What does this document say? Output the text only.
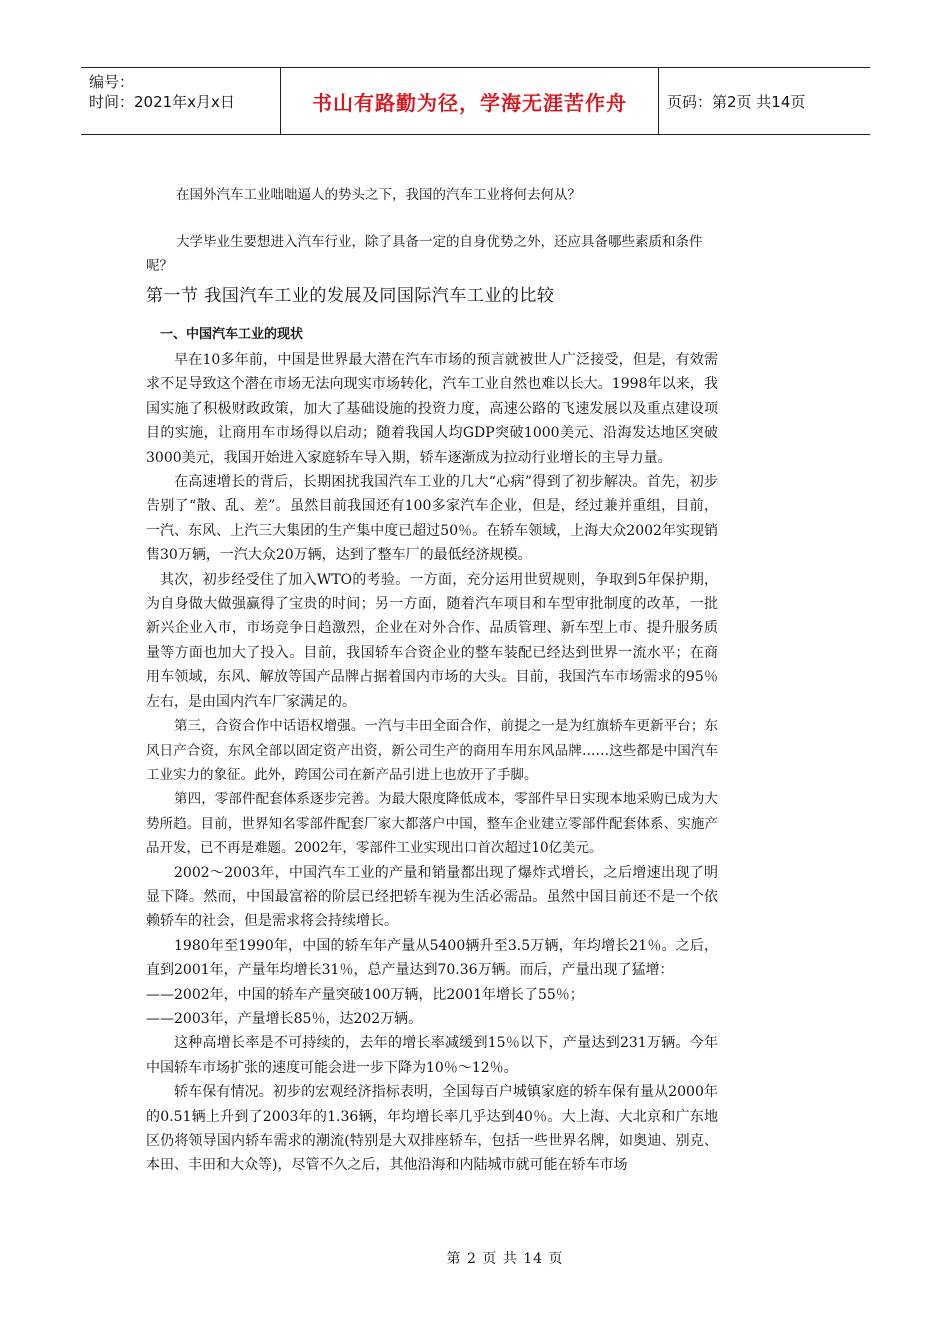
编号：
时间：2021年x月x日	书山有路勤为径，学海无涯苦作舟	页码：第2页 共14页

在国外汽车工业咄咄逼人的势头之下，我国的汽车工业将何去何从？

大学毕业生要想进入汽车行业，除了具备一定的自身优势之外，还应具备哪些素质和条件呢？

第一节 我国汽车工业的发展及同国际汽车工业的比较
一、中国汽车工业的现状

早在10多年前，中国是世界最大潜在汽车市场的预言就被世人广泛接受，但是，有效需求不足导致这个潜在市场无法向现实市场转化，汽车工业自然也难以长大。1998年以来，我国实施了积极财政政策，加大了基础设施的投资力度，高速公路的飞速发展以及重点建设项目的实施，让商用车市场得以启动；随着我国人均GDP突破1000美元、沿海发达地区突破3000美元，我国开始进入家庭轿车导入期，轿车逐渐成为拉动行业增长的主导力量。

在高速增长的背后，长期困扰我国汽车工业的几大“心病”得到了初步解决。首先，初步告别了“散、乱、差”。虽然目前我国还有100多家汽车企业，但是，经过兼并重组，目前，一汽、东风、上汽三大集团的生产集中度已超过50％。在轿车领域，上海大众2002年实现销售30万辆，一汽大众20万辆，达到了整车厂的最低经济规模。

其次，初步经受住了加入WTO的考验。一方面，充分运用世贸规则，争取到5年保护期，为自身做大做强赢得了宝贵的时间；另一方面，随着汽车项目和车型审批制度的改革，一批新兴企业入市，市场竞争日趋激烈，企业在对外合作、品质管理、新车型上市、提升服务质量等方面也加大了投入。目前，我国轿车合资企业的整车装配已经达到世界一流水平；在商用车领域，东风、解放等国产品牌占据着国内市场的大头。目前，我国汽车市场需求的95％左右，是由国内汽车厂家满足的。

第三，合资合作中话语权增强。一汽与丰田全面合作，前提之一是为红旗轿车更新平台；东风日产合资，东风全部以固定资产出资，新公司生产的商用车用东风品牌……这些都是中国汽车工业实力的象征。此外，跨国公司在新产品引进上也放开了手脚。

第四，零部件配套体系逐步完善。为最大限度降低成本，零部件早日实现本地采购已成为大势所趋。目前，世界知名零部件配套厂家大都落户中国，整车企业建立零部件配套体系、实施产品开发，已不再是难题。2002年，零部件工业实现出口首次超过10亿美元。

2002～2003年，中国汽车工业的产量和销量都出现了爆炸式增长，之后增速出现了明显下降。然而，中国最富裕的阶层已经把轿车视为生活必需品。虽然中国目前还不是一个依赖轿车的社会，但是需求将会持续增长。

1980年至1990年，中国的轿车年产量从5400辆升至3.5万辆，年均增长21％。之后，直到2001年，产量年均增长31％，总产量达到70.36万辆。而后，产量出现了猛增：

——2002年，中国的轿车产量突破100万辆，比2001年增长了55％；

——2003年，产量增长85％，达202万辆。

这种高增长率是不可持续的，去年的增长率减缓到15％以下，产量达到231万辆。今年中国轿车市场扩张的速度可能会进一步下降为10％～12％。

轿车保有情况。初步的宏观经济指标表明，全国每百户城镇家庭的轿车保有量从2000年的0.51辆上升到了2003年的1.36辆，年均增长率几乎达到40％。大上海、大北京和广东地区仍将领导国内轿车需求的潮流(特别是大双排座轿车，包括一些世界名牌，如奥迪、别克、本田、丰田和大众等)，尽管不久之后，其他沿海和内陆城市就可能在轿车市场

第 2 页 共 14 页
